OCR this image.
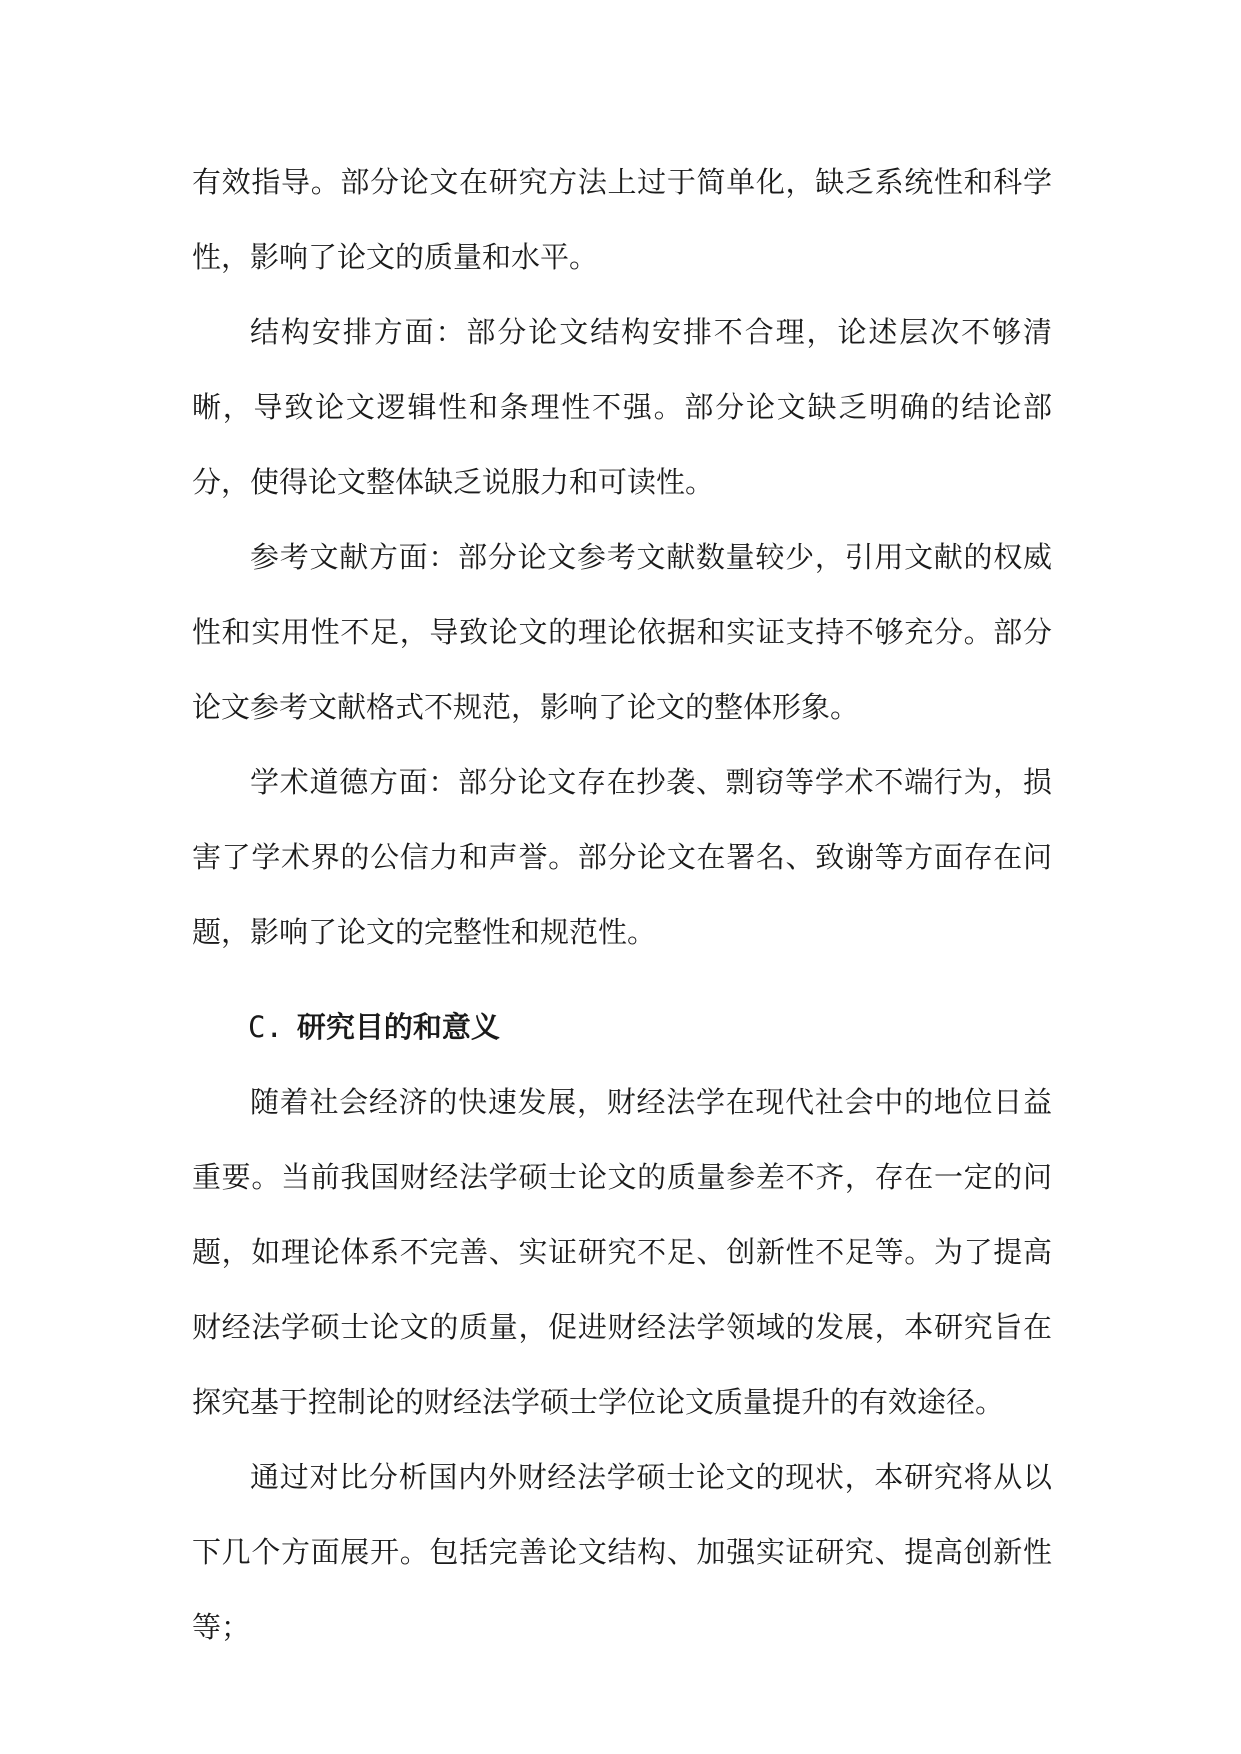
有效指导。部分论文在研究方法上过于简单化，缺乏系统性和科学性，影响了论文的质量和水平。

结构安排方面：部分论文结构安排不合理，论述层次不够清晰，导致论文逻辑性和条理性不强。部分论文缺乏明确的结论部分，使得论文整体缺乏说服力和可读性。

参考文献方面：部分论文参考文献数量较少，引用文献的权威性和实用性不足，导致论文的理论依据和实证支持不够充分。部分论文参考文献格式不规范，影响了论文的整体形象。

学术道德方面：部分论文存在抄袭、剽窃等学术不端行为，损害了学术界的公信力和声誉。部分论文在署名、致谢等方面存在问题，影响了论文的完整性和规范性。

C. 研究目的和意义

随着社会经济的快速发展，财经法学在现代社会中的地位日益重要。当前我国财经法学硕士论文的质量参差不齐，存在一定的问题，如理论体系不完善、实证研究不足、创新性不足等。为了提高财经法学硕士论文的质量，促进财经法学领域的发展，本研究旨在探究基于控制论的财经法学硕士学位论文质量提升的有效途径。

通过对比分析国内外财经法学硕士论文的现状，本研究将从以下几个方面展开。包括完善论文结构、加强实证研究、提高创新性等；
